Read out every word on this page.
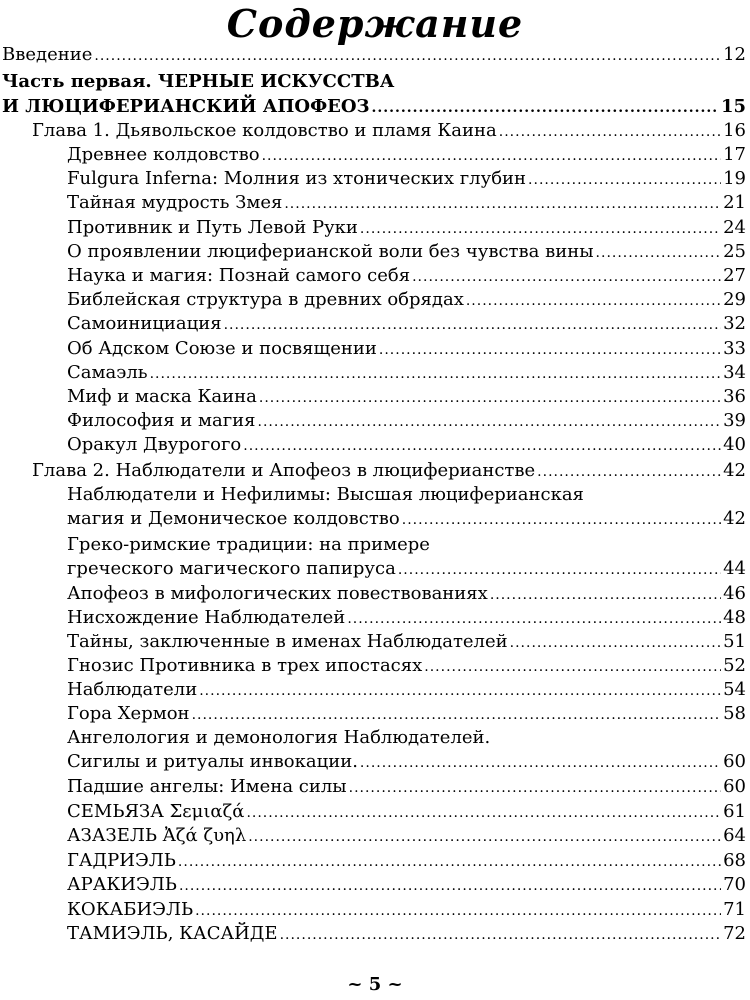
Содержание
Введение .....	12
Часть первая. ЧЕРНЫЕ ИСКУССТВА
И ЛЮЦИФЕРИАНСКИЙ АПОФЕОЗ .....	15
Глава 1. Дьявольское колдовство и пламя Каина .....	16
Древнее колдовство .....	17
Fulgura Inferna: Молния из хтонических глубин .....	19
Тайная мудрость Змея .....	21
Противник и Путь Левой Руки .....	24
О проявлении люциферианской воли без чувства вины .....	25
Наука и магия: Познай самого себя .....	27
Библейская структура в древних обрядах .....	29
Самоинициация .....	32
Об Адском Союзе и посвящении .....	33
Самаэль .....	34
Миф и маска Каина .....	36
Философия и магия .....	39
Оракул Двурогого .....	40
Глава 2. Наблюдатели и Апофеоз в люциферианстве .....	42
Наблюдатели и Нефилимы: Высшая люциферианская
магия и Демоническое колдовство .....	42
Греко-римские традиции: на примере
греческого магического папируса .....	44
Апофеоз в мифологических повествованиях .....	46
Нисхождение Наблюдателей .....	48
Тайны, заключенные в именах Наблюдателей .....	51
Гнозис Противника в трех ипостасях .....	52
Наблюдатели .....	54
Гора Хермон .....	58
Ангелология и демонология Наблюдателей.
Сигилы и ритуалы инвокации. .....	60
Падшие ангелы: Имена силы .....	60
СЕМЬЯЗА Σεμιαζά .....	61
АЗАЗЕЛЬ Ἀζά ζυηλ .....	64
ГАДРИЭЛЬ .....	68
АРАКИЭЛЬ .....	70
КОКАБИЭЛЬ .....	71
ТАМИЭЛЬ, КАСАЙДЕ .....	72
~ 5 ~
